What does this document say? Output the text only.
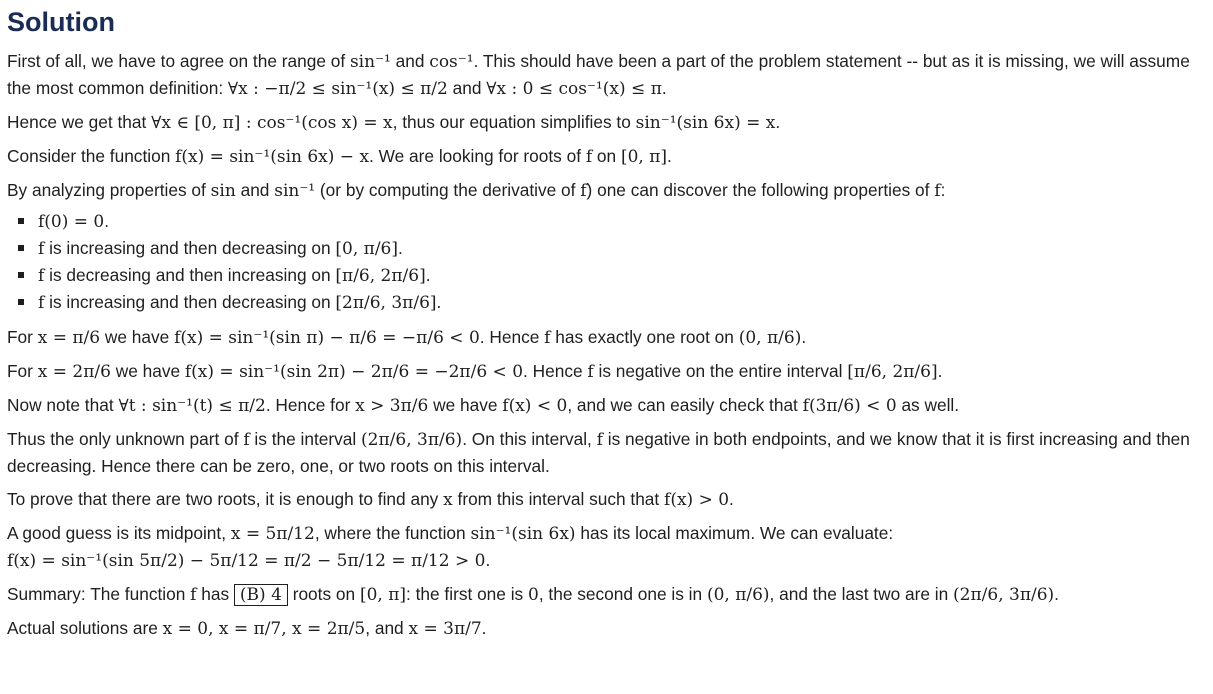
Solution

First of all, we have to agree on the range of sin⁻¹ and cos⁻¹. This should have been a part of the problem statement -- but as it is missing, we will assume the most common definition: ∀x : −π/2 ≤ sin⁻¹(x) ≤ π/2 and ∀x : 0 ≤ cos⁻¹(x) ≤ π.

Hence we get that ∀x ∈ [0, π] : cos⁻¹(cos x) = x, thus our equation simplifies to sin⁻¹(sin 6x) = x.

Consider the function f(x) = sin⁻¹(sin 6x) − x. We are looking for roots of f on [0, π].

By analyzing properties of sin and sin⁻¹ (or by computing the derivative of f) one can discover the following properties of f:

f(0) = 0.
f is increasing and then decreasing on [0, π/6].
f is decreasing and then increasing on [π/6, 2π/6].
f is increasing and then decreasing on [2π/6, 3π/6].

For x = π/6 we have f(x) = sin⁻¹(sin π) − π/6 = −π/6 < 0. Hence f has exactly one root on (0, π/6).

For x = 2π/6 we have f(x) = sin⁻¹(sin 2π) − 2π/6 = −2π/6 < 0. Hence f is negative on the entire interval [π/6, 2π/6].

Now note that ∀t : sin⁻¹(t) ≤ π/2. Hence for x > 3π/6 we have f(x) < 0, and we can easily check that f(3π/6) < 0 as well.

Thus the only unknown part of f is the interval (2π/6, 3π/6). On this interval, f is negative in both endpoints, and we know that it is first increasing and then decreasing. Hence there can be zero, one, or two roots on this interval.

To prove that there are two roots, it is enough to find any x from this interval such that f(x) > 0.

A good guess is its midpoint, x = 5π/12, where the function sin⁻¹(sin 6x) has its local maximum. We can evaluate:
f(x) = sin⁻¹(sin 5π/2) − 5π/12 = π/2 − 5π/12 = π/12 > 0.

Summary: The function f has (B) 4 roots on [0, π]: the first one is 0, the second one is in (0, π/6), and the last two are in (2π/6, 3π/6).

Actual solutions are x = 0, x = π/7, x = 2π/5, and x = 3π/7.
